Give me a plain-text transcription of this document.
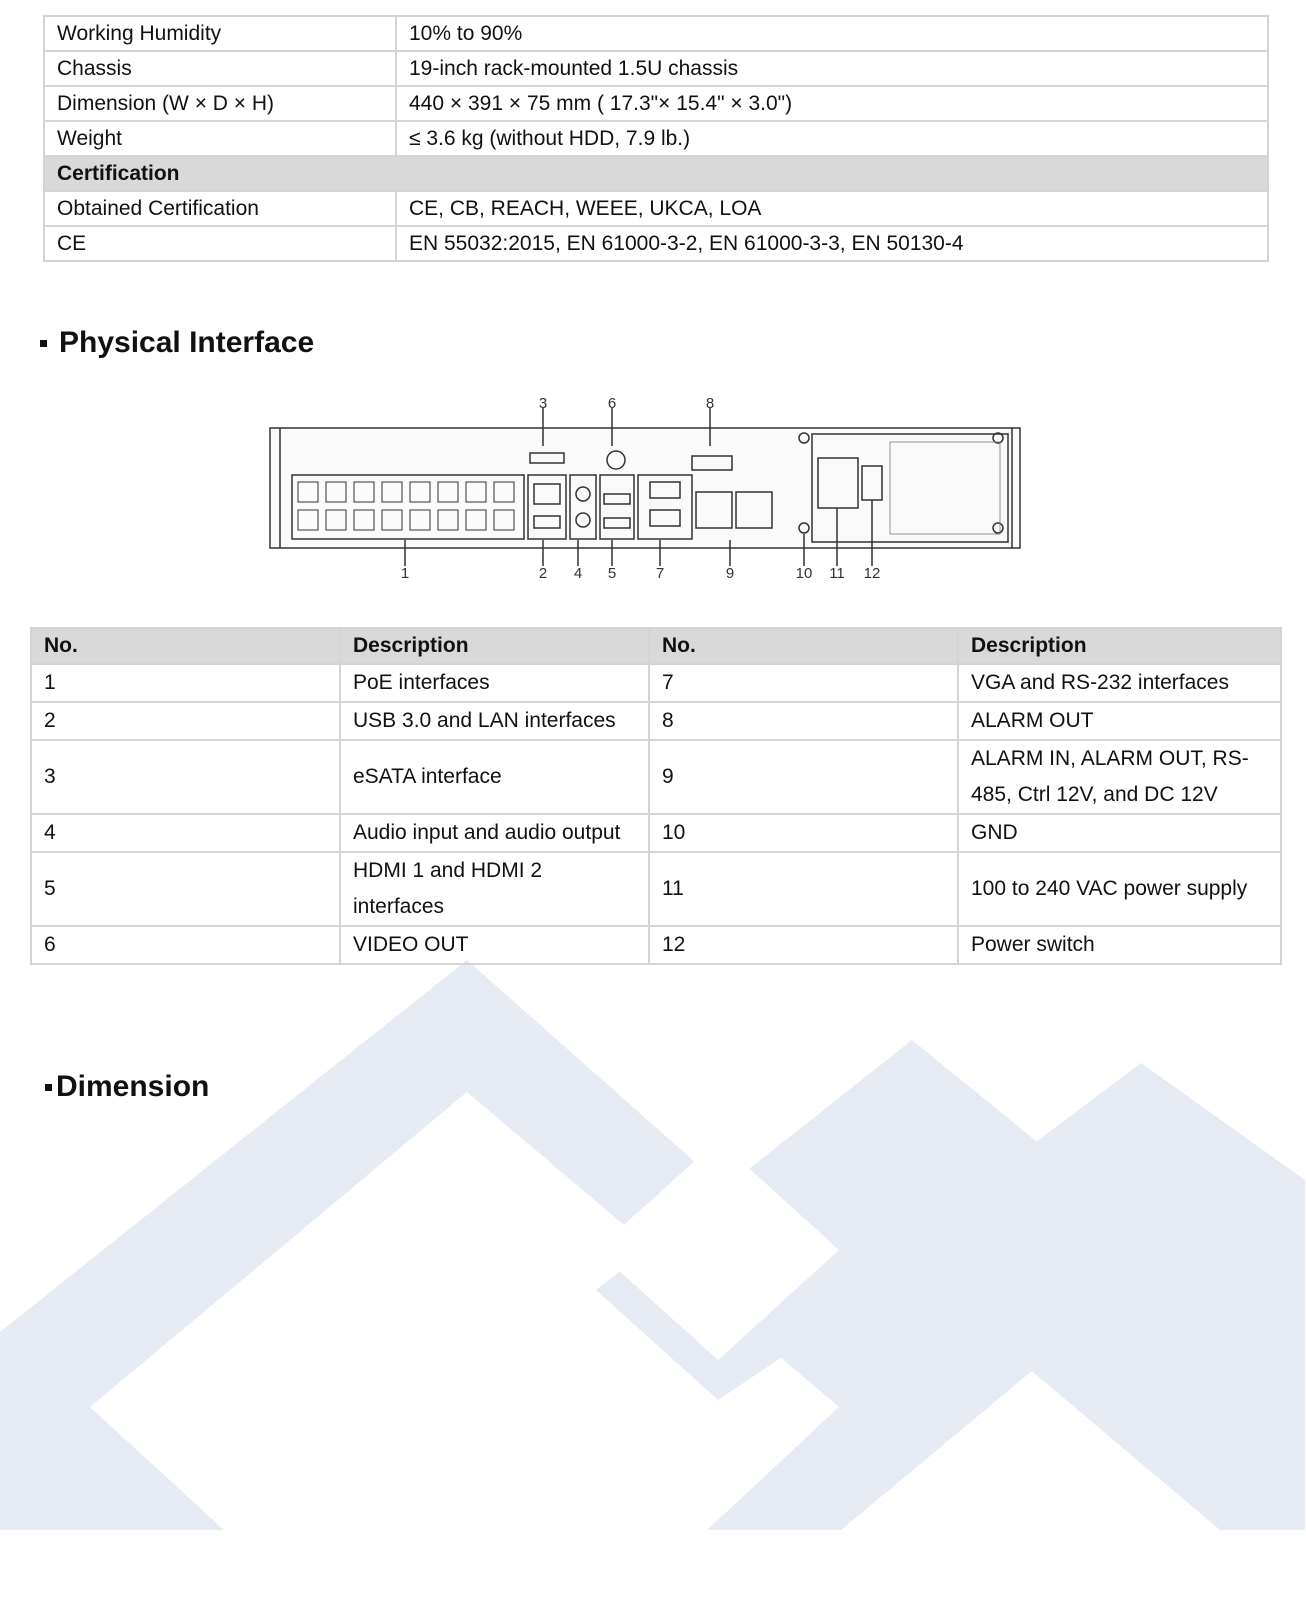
Working Humidity	10% to 90%
Chassis	19-inch rack-mounted 1.5U chassis
Dimension (W × D × H)	440 × 391 × 75 mm ( 17.3"× 15.4" × 3.0")
Weight	≤ 3.6 kg (without HDD, 7.9 lb.)
Certification	
Obtained Certification	CE, CB, REACH, WEEE, UKCA, LOA
CE	EN 55032:2015, EN 61000-3-2, EN 61000-3-3, EN 50130-4
Physical Interface
3	6	8
1	2 4 5	7	9	10 11 12
No.	Description	No.	Description
1	PoE interfaces	7	VGA and RS-232 interfaces
2	USB 3.0 and LAN interfaces	8	ALARM OUT
3	eSATA interface	9	ALARM IN, ALARM OUT, RS-485, Ctrl 12V, and DC 12V
4	Audio input and audio output	10	GND
5	HDMI 1 and HDMI 2 interfaces	11	100 to 240 VAC power supply
6	VIDEO OUT	12	Power switch
Dimension
